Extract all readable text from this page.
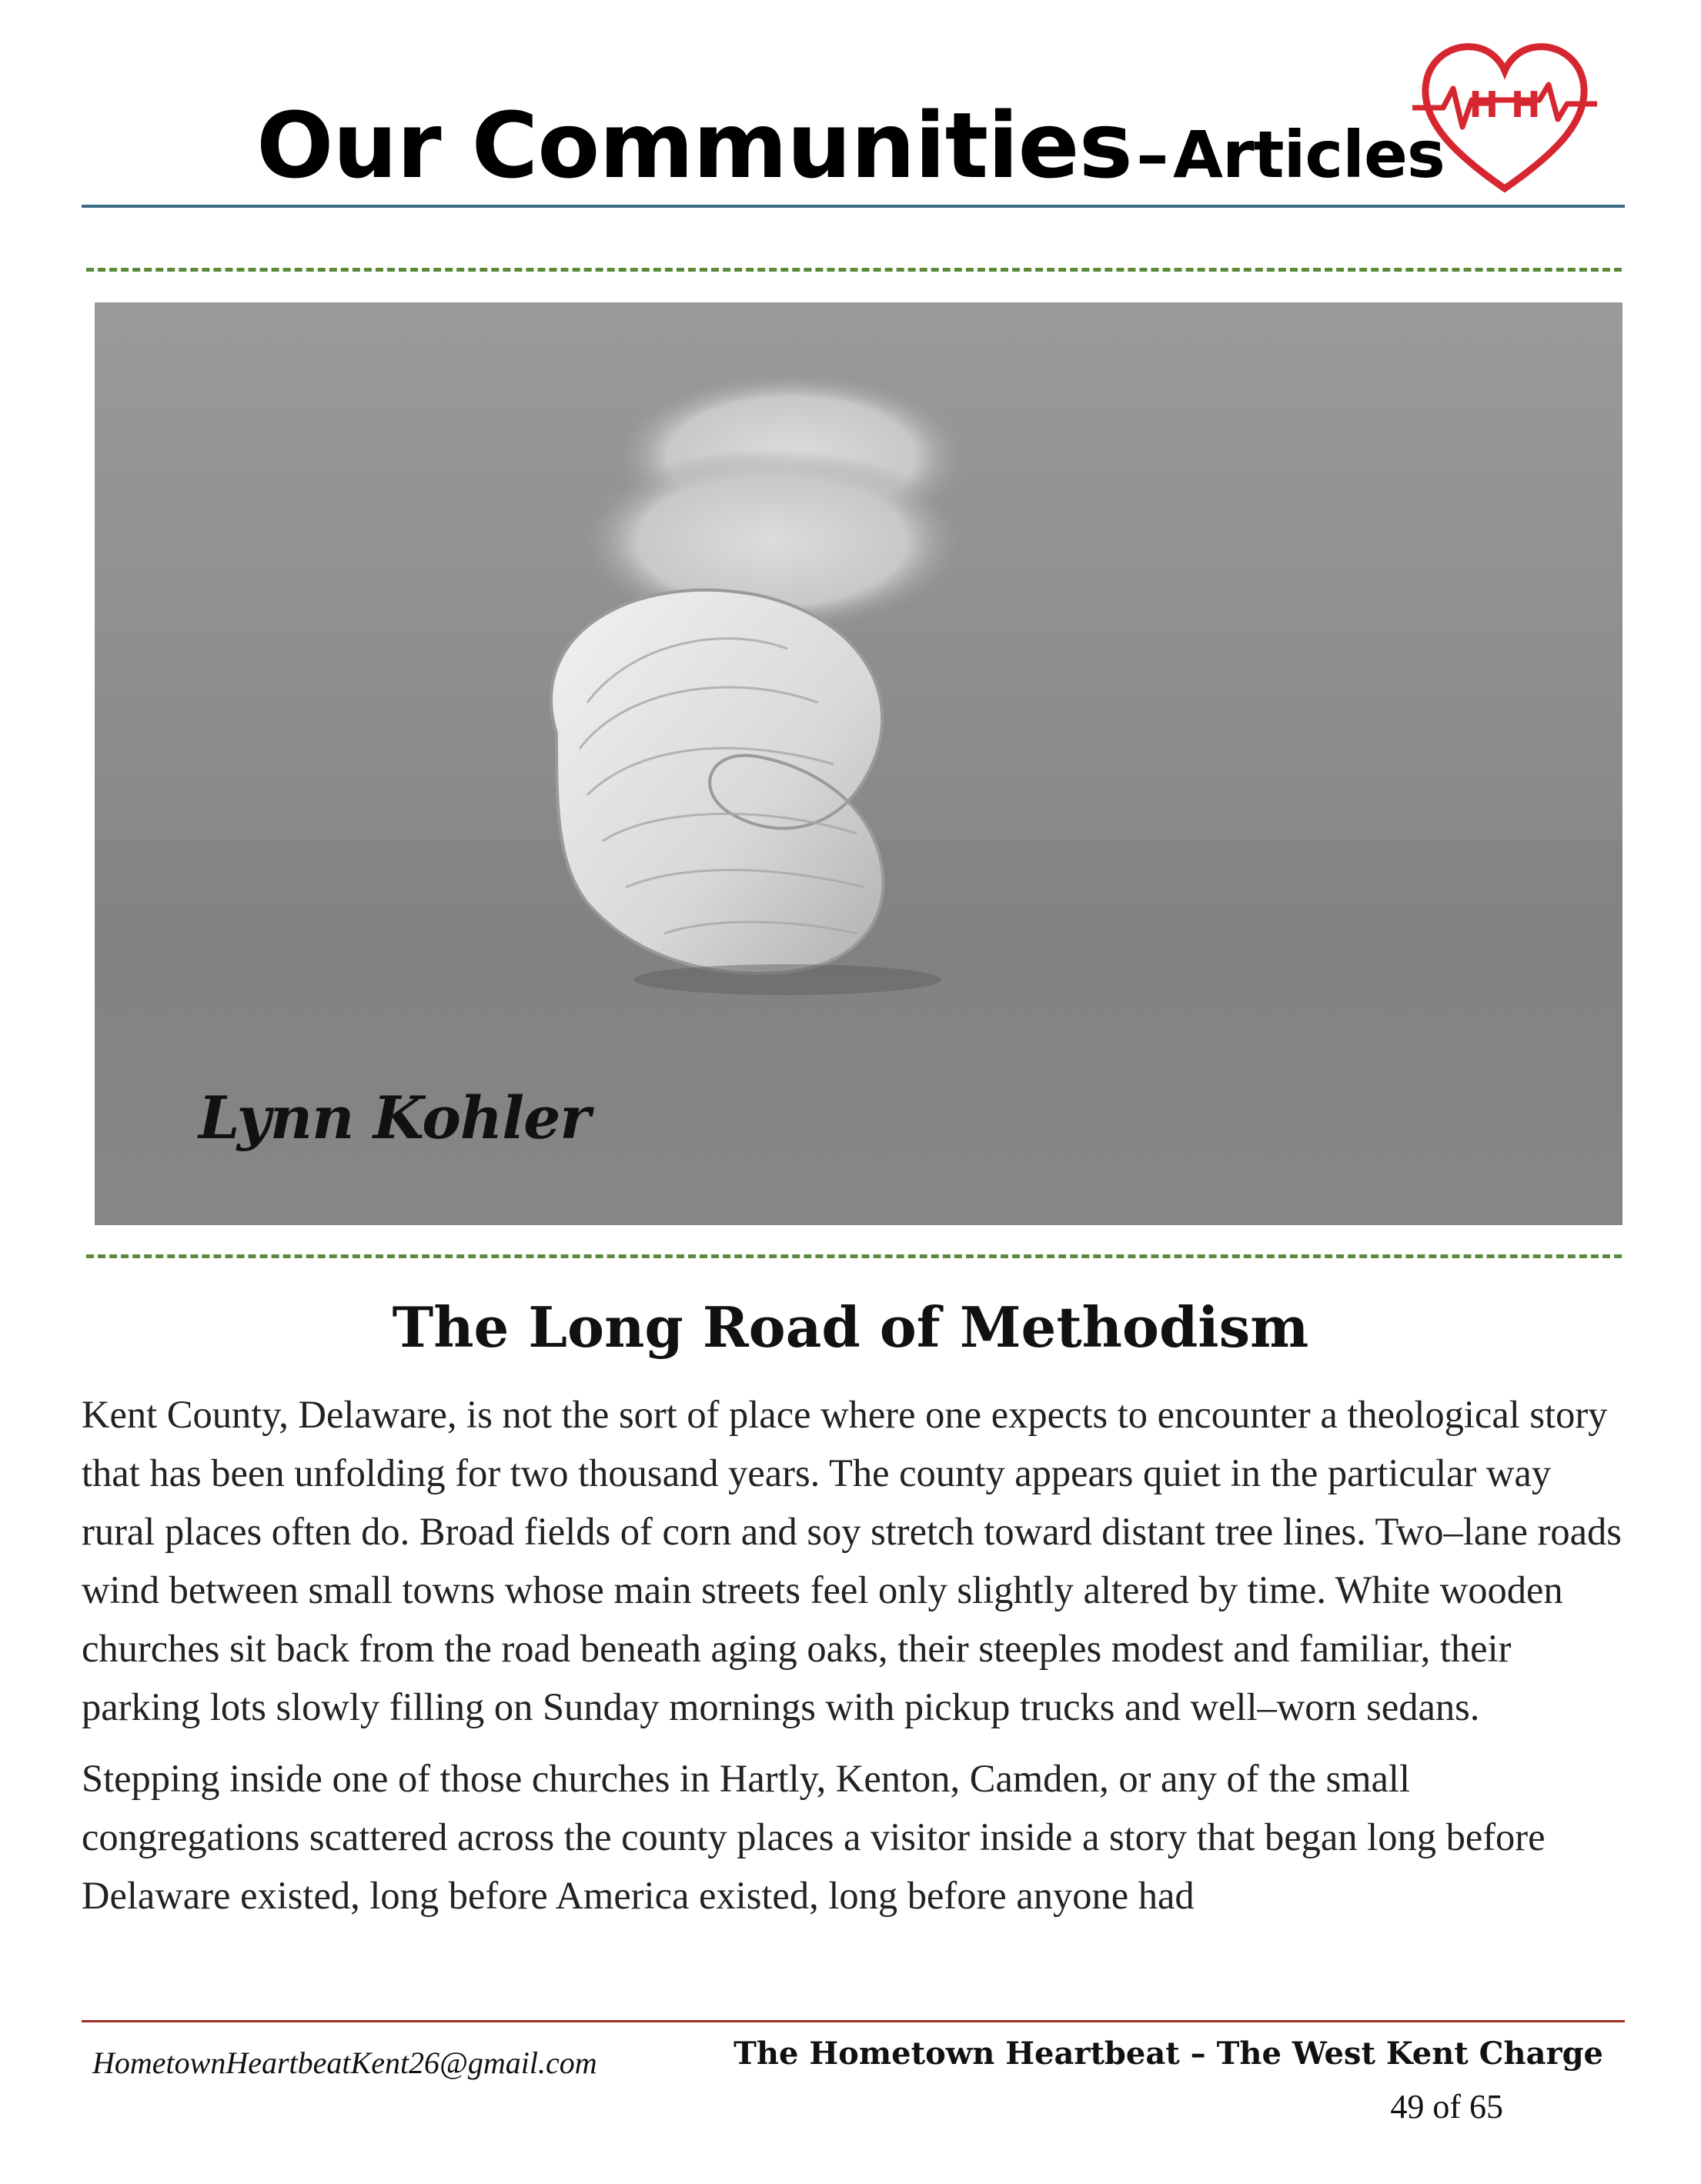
Our Communities – Articles
H H
Lynn Kohler
The Long Road of Methodism

Kent County, Delaware, is not the sort of place where one expects to encounter a theological story that has been unfolding for two thousand years. The county appears quiet in the particular way rural places often do. Broad fields of corn and soy stretch toward distant tree lines. Two–lane roads wind between small towns whose main streets feel only slightly altered by time. White wooden churches sit back from the road beneath aging oaks, their steeples modest and familiar, their parking lots slowly filling on Sunday mornings with pickup trucks and well–worn sedans.

Stepping inside one of those churches in Hartly, Kenton, Camden, or any of the small congregations scattered across the county places a visitor inside a story that began long before Delaware existed, long before America existed, long before anyone had

HometownHeartbeatKent26@gmail.com	The Hometown Heartbeat – The West Kent Charge
49 of 65
